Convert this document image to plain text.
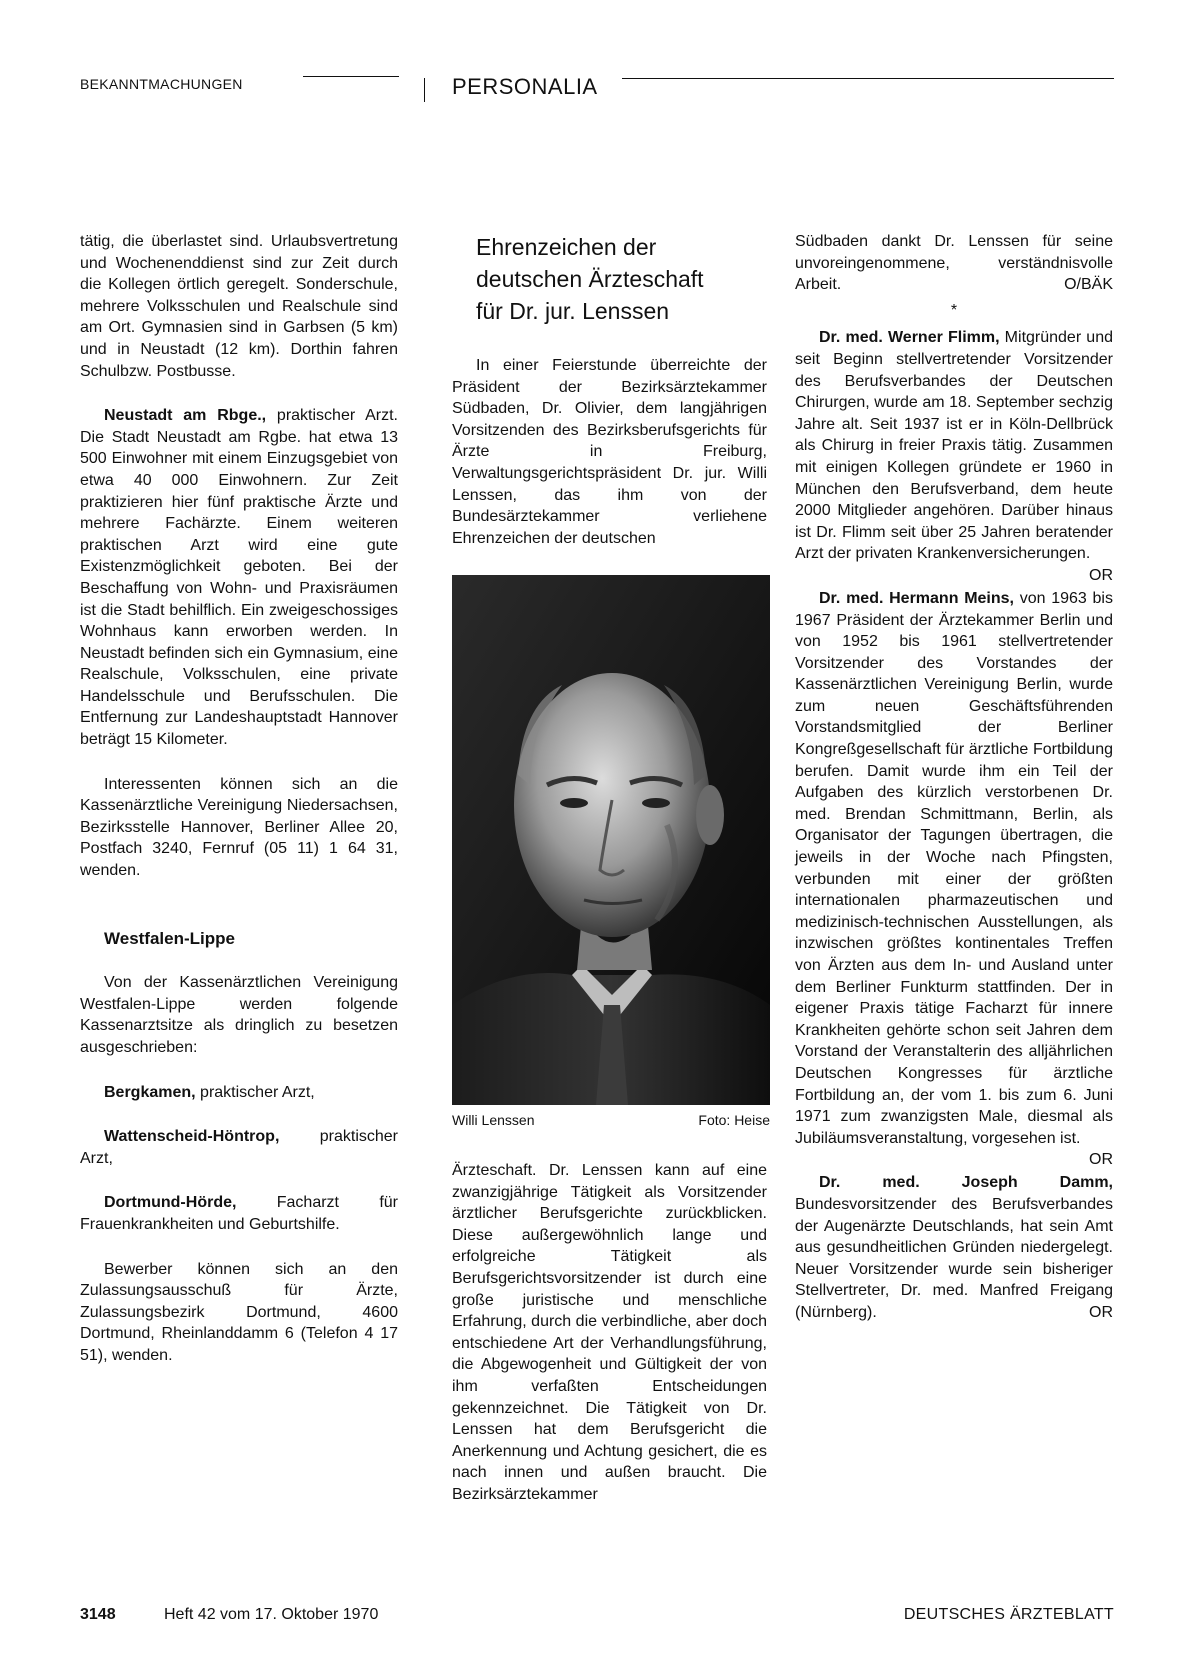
BEKANNTMACHUNGEN	PERSONALIA

tätig, die überlastet sind. Urlaubsvertretung und Wochenenddienst sind zur Zeit durch die Kollegen örtlich geregelt. Sonderschule, mehrere Volksschulen und Realschule sind am Ort. Gymnasien sind in Garbsen (5 km) und in Neustadt (12 km). Dorthin fahren Schulbzw. Postbusse.

Neustadt am Rbge., praktischer Arzt. Die Stadt Neustadt am Rgbe. hat etwa 13 500 Einwohner mit einem Einzugsgebiet von etwa 40 000 Einwohnern. Zur Zeit praktizieren hier fünf praktische Ärzte und mehrere Fachärzte. Einem weiteren praktischen Arzt wird eine gute Existenzmöglichkeit geboten. Bei der Beschaffung von Wohn- und Praxisräumen ist die Stadt behilflich. Ein zweigeschossiges Wohnhaus kann erworben werden. In Neustadt befinden sich ein Gymnasium, eine Realschule, Volksschulen, eine private Handelsschule und Berufsschulen. Die Entfernung zur Landeshauptstadt Hannover beträgt 15 Kilometer.

Interessenten können sich an die Kassenärztliche Vereinigung Niedersachsen, Bezirksstelle Hannover, Berliner Allee 20, Postfach 3240, Fernruf (05 11) 1 64 31, wenden.

Westfalen-Lippe

Von der Kassenärztlichen Vereinigung Westfalen-Lippe werden folgende Kassenarztsitze als dringlich zu besetzen ausgeschrieben:

Bergkamen, praktischer Arzt,

Wattenscheid-Höntrop, praktischer Arzt,

Dortmund-Hörde, Facharzt für Frauenkrankheiten und Geburtshilfe.

Bewerber können sich an den Zulassungsausschuß für Ärzte, Zulassungsbezirk Dortmund, 4600 Dortmund, Rheinlanddamm 6 (Telefon 4 17 51), wenden.

Ehrenzeichen der
deutschen Ärzteschaft
für Dr. jur. Lenssen

In einer Feierstunde überreichte der Präsident der Bezirksärztekammer Südbaden, Dr. Olivier, dem langjährigen Vorsitzenden des Bezirksberufsgerichts für Ärzte in Freiburg, Verwaltungsgerichtspräsident Dr. jur. Willi Lenssen, das ihm von der Bundesärztekammer verliehene Ehrenzeichen der deutschen

Willi Lenssen	Foto: Heise

Ärzteschaft. Dr. Lenssen kann auf eine zwanzigjährige Tätigkeit als Vorsitzender ärztlicher Berufsgerichte zurückblicken. Diese außergewöhnlich lange und erfolgreiche Tätigkeit als Berufsgerichtsvorsitzender ist durch eine große juristische und menschliche Erfahrung, durch die verbindliche, aber doch entschiedene Art der Verhandlungsführung, die Abgewogenheit und Gültigkeit der von ihm verfaßten Entscheidungen gekennzeichnet. Die Tätigkeit von Dr. Lenssen hat dem Berufsgericht die Anerkennung und Achtung gesichert, die es nach innen und außen braucht. Die Bezirksärztekammer

Südbaden dankt Dr. Lenssen für seine unvoreingenommene, verständnisvolle Arbeit.	O/BÄK

*

Dr. med. Werner Flimm, Mitgründer und seit Beginn stellvertretender Vorsitzender des Berufsverbandes der Deutschen Chirurgen, wurde am 18. September sechzig Jahre alt. Seit 1937 ist er in Köln-Dellbrück als Chirurg in freier Praxis tätig. Zusammen mit einigen Kollegen gründete er 1960 in München den Berufsverband, dem heute 2000 Mitglieder angehören. Darüber hinaus ist Dr. Flimm seit über 25 Jahren beratender Arzt der privaten Krankenversicherungen.
OR

Dr. med. Hermann Meins, von 1963 bis 1967 Präsident der Ärztekammer Berlin und von 1952 bis 1961 stellvertretender Vorsitzender des Vorstandes der Kassenärztlichen Vereinigung Berlin, wurde zum neuen Geschäftsführenden Vorstandsmitglied der Berliner Kongreßgesellschaft für ärztliche Fortbildung berufen. Damit wurde ihm ein Teil der Aufgaben des kürzlich verstorbenen Dr. med. Brendan Schmittmann, Berlin, als Organisator der Tagungen übertragen, die jeweils in der Woche nach Pfingsten, verbunden mit einer der größten internationalen pharmazeutischen und medizinisch-technischen Ausstellungen, als inzwischen größtes kontinentales Treffen von Ärzten aus dem In- und Ausland unter dem Berliner Funkturm stattfinden. Der in eigener Praxis tätige Facharzt für innere Krankheiten gehörte schon seit Jahren dem Vorstand der Veranstalterin des alljährlichen Deutschen Kongresses für ärztliche Fortbildung an, der vom 1. bis zum 6. Juni 1971 zum zwanzigsten Male, diesmal als Jubiläumsveranstaltung, vorgesehen ist.
OR

Dr. med. Joseph Damm, Bundesvorsitzender des Berufsverbandes der Augenärzte Deutschlands, hat sein Amt aus gesundheitlichen Gründen niedergelegt. Neuer Vorsitzender wurde sein bisheriger Stellvertreter, Dr. med. Manfred Freigang (Nürnberg).	OR

3148	Heft 42 vom 17. Oktober 1970	DEUTSCHES ÄRZTEBLATT
